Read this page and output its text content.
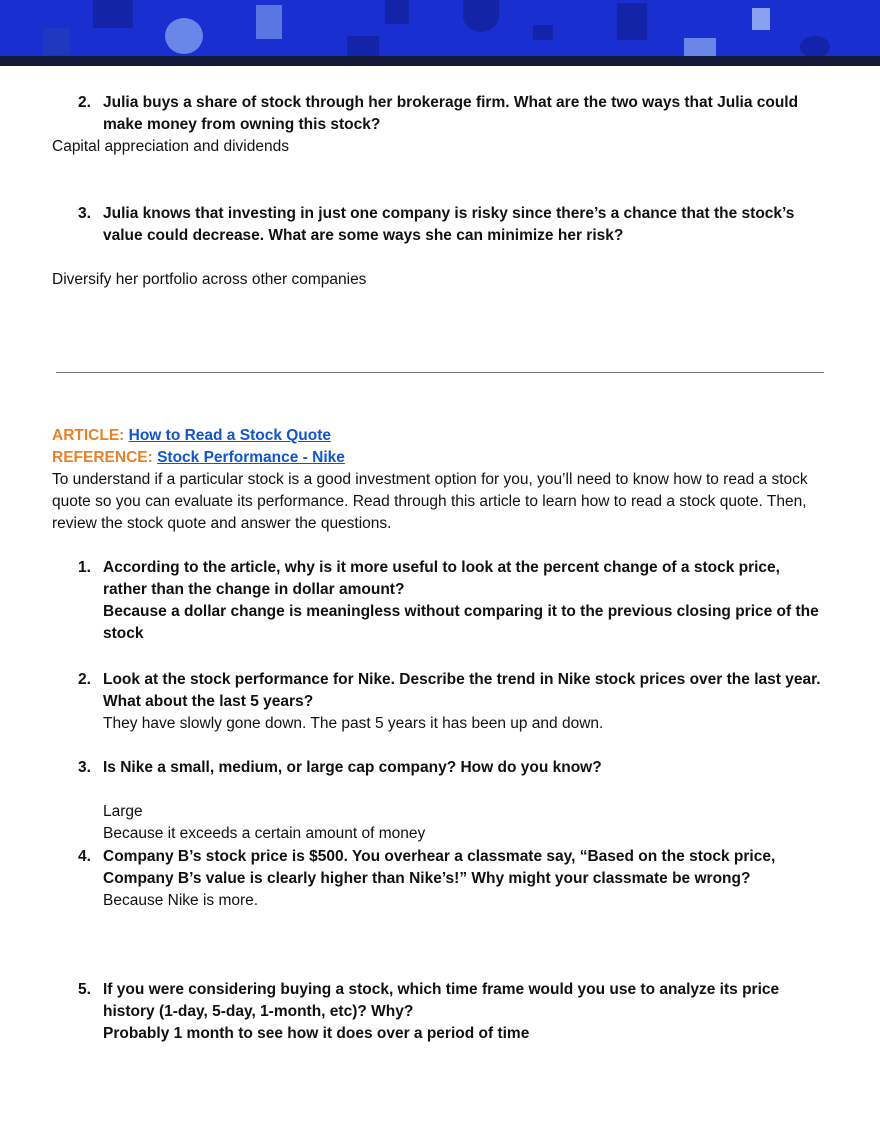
2. Julia buys a share of stock through her brokerage firm. What are the two ways that Julia could make money from owning this stock?
Capital appreciation and dividends
3. Julia knows that investing in just one company is risky since there’s a chance that the stock’s value could decrease. What are some ways she can minimize her risk?
Diversify her portfolio across other companies
ARTICLE: How to Read a Stock Quote
REFERENCE: Stock Performance - Nike
To understand if a particular stock is a good investment option for you, you’ll need to know how to read a stock quote so you can evaluate its performance. Read through this article to learn how to read a stock quote. Then, review the stock quote and answer the questions.
1. According to the article, why is it more useful to look at the percent change of a stock price, rather than the change in dollar amount?
Because a dollar change is meaningless without comparing it to the previous closing price of the stock
2. Look at the stock performance for Nike. Describe the trend in Nike stock prices over the last year. What about the last 5 years?
They have slowly gone down. The past 5 years it has been up and down.
3. Is Nike a small, medium, or large cap company? How do you know?
Large
Because it exceeds a certain amount of money
4. Company B’s stock price is $500. You overhear a classmate say, “Based on the stock price, Company B’s value is clearly higher than Nike’s!” Why might your classmate be wrong?
Because Nike is more.
5. If you were considering buying a stock, which time frame would you use to analyze its price history (1-day, 5-day, 1-month, etc)? Why?
Probably 1 month to see how it does over a period of time
